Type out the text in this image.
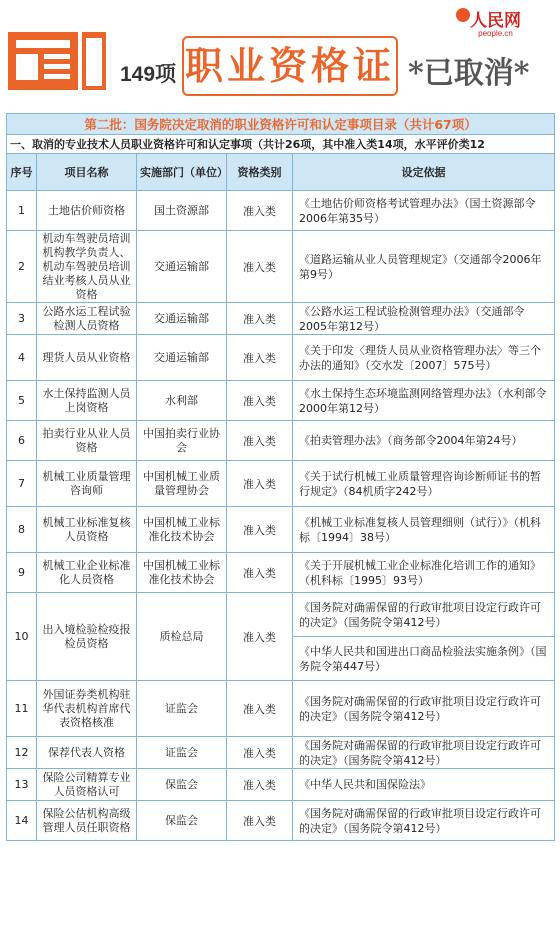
149项 职业资格证 *已取消*
人民网
people.cn
第二批：国务院决定取消的职业资格许可和认定事项目录（共计67项）				
一、取消的专业技术人员职业资格许可和认定事项（共计26项，其中准入类14项，水平评价类12				
序号	项目名称	实施部门（单位）	资格类别	设定依据
1	土地估价师资格	国土资源部	准入类	《土地估价师资格考试管理办法》（国土资源部令2006年第35号）
2	机动车驾驶员培训机构教学负责人、机动车驾驶员培训结业考核人员从业资格	交通运输部	准入类	《道路运输从业人员管理规定》（交通部令2006年第9号）
3	公路水运工程试验检测人员资格	交通运输部	准入类	《公路水运工程试验检测管理办法》（交通部令2005年第12号）
4	理货人员从业资格	交通运输部	准入类	《关于印发〈理货人员从业资格管理办法〉等三个办法的通知》（交水发〔2007〕575号）
5	水土保持监测人员上岗资格	水利部	准入类	《水土保持生态环境监测网络管理办法》（水利部令2000年第12号）
6	拍卖行业从业人员资格	中国拍卖行业协会	准入类	《拍卖管理办法》（商务部令2004年第24号）
7	机械工业质量管理咨询师	中国机械工业质量管理协会	准入类	《关于试行机械工业质量管理咨询诊断师证书的暂行规定》（84机质字242号）
8	机械工业标准复核人员资格	中国机械工业标准化技术协会	准入类	《机械工业标准复核人员管理细则（试行）》（机科标〔1994〕38号）
9	机械工业企业标准化人员资格	中国机械工业标准化技术协会	准入类	《关于开展机械工业企业标准化培训工作的通知》（机科标〔1995〕93号）
10	出入境检验检疫报检员资格	质检总局	准入类	《国务院对确需保留的行政审批项目设定行政许可的决定》（国务院令第412号）
				《中华人民共和国进出口商品检验法实施条例》（国务院令第447号）
11	外国证券类机构驻华代表机构首席代表资格核准	证监会	准入类	《国务院对确需保留的行政审批项目设定行政许可的决定》（国务院令第412号）
12	保荐代表人资格	证监会	准入类	《国务院对确需保留的行政审批项目设定行政许可的决定》（国务院令第412号）
13	保险公司精算专业人员资格认可	保监会	准入类	《中华人民共和国保险法》
14	保险公估机构高级管理人员任职资格	保监会	准入类	《国务院对确需保留的行政审批项目设定行政许可的决定》（国务院令第412号）
